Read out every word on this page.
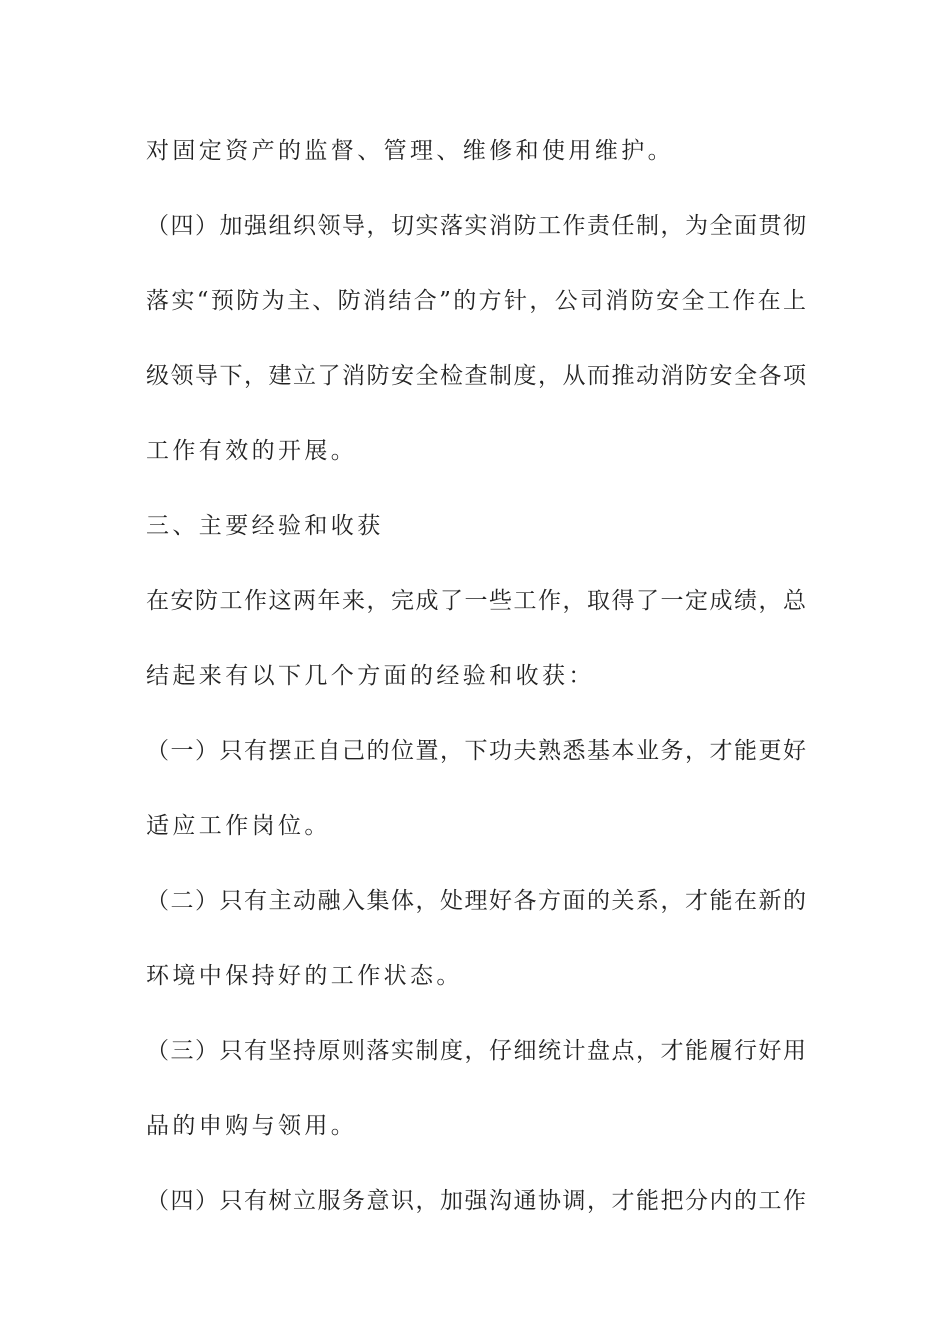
对固定资产的监督、管理、维修和使用维护。

（四）加强组织领导，切实落实消防工作责任制，为全面贯彻

落实“预防为主、防消结合”的方针，公司消防安全工作在上

级领导下，建立了消防安全检查制度，从而推动消防安全各项

工作有效的开展。

三、主要经验和收获

在安防工作这两年来，完成了一些工作，取得了一定成绩，总

结起来有以下几个方面的经验和收获：

（一）只有摆正自己的位置，下功夫熟悉基本业务，才能更好

适应工作岗位。

（二）只有主动融入集体，处理好各方面的关系，才能在新的

环境中保持好的工作状态。

（三）只有坚持原则落实制度，仔细统计盘点，才能履行好用

品的申购与领用。

（四）只有树立服务意识，加强沟通协调，才能把分内的工作
